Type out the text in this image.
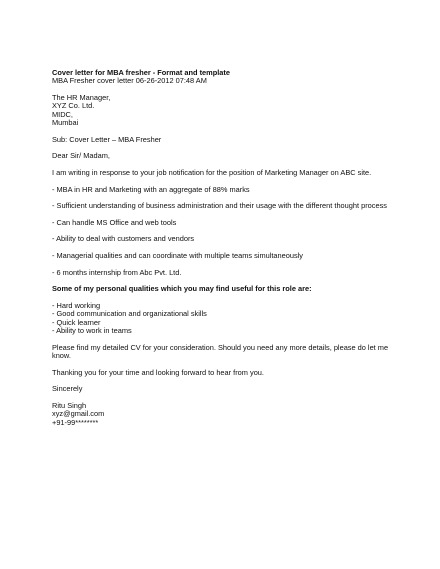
Cover letter for MBA fresher - Format and template
MBA Fresher cover letter 06-26-2012 07:48 AM
The HR Manager,
XYZ Co. Ltd.
MIDC,
Mumbai
Sub: Cover Letter – MBA Fresher
Dear Sir/ Madam,
I am writing in response to your job notification for the position of Marketing Manager on ABC site.
- MBA in HR and Marketing with an aggregate of 88% marks
- Sufficient understanding of business administration and their usage with the different thought process
- Can handle MS Office and web tools
- Ability to deal with customers and vendors
- Managerial qualities and can coordinate with multiple teams simultaneously
- 6 months internship from Abc Pvt. Ltd.
Some of my personal qualities which you may find useful for this role are:
- Hard working
- Good communication and organizational skills
- Quick learner
- Ability to work in teams
Please find my detailed CV for your consideration. Should you need any more details, please do let me know.
Thanking you for your time and looking forward to hear from you.
Sincerely
Ritu Singh
xyz@gmail.com
+91-99********
